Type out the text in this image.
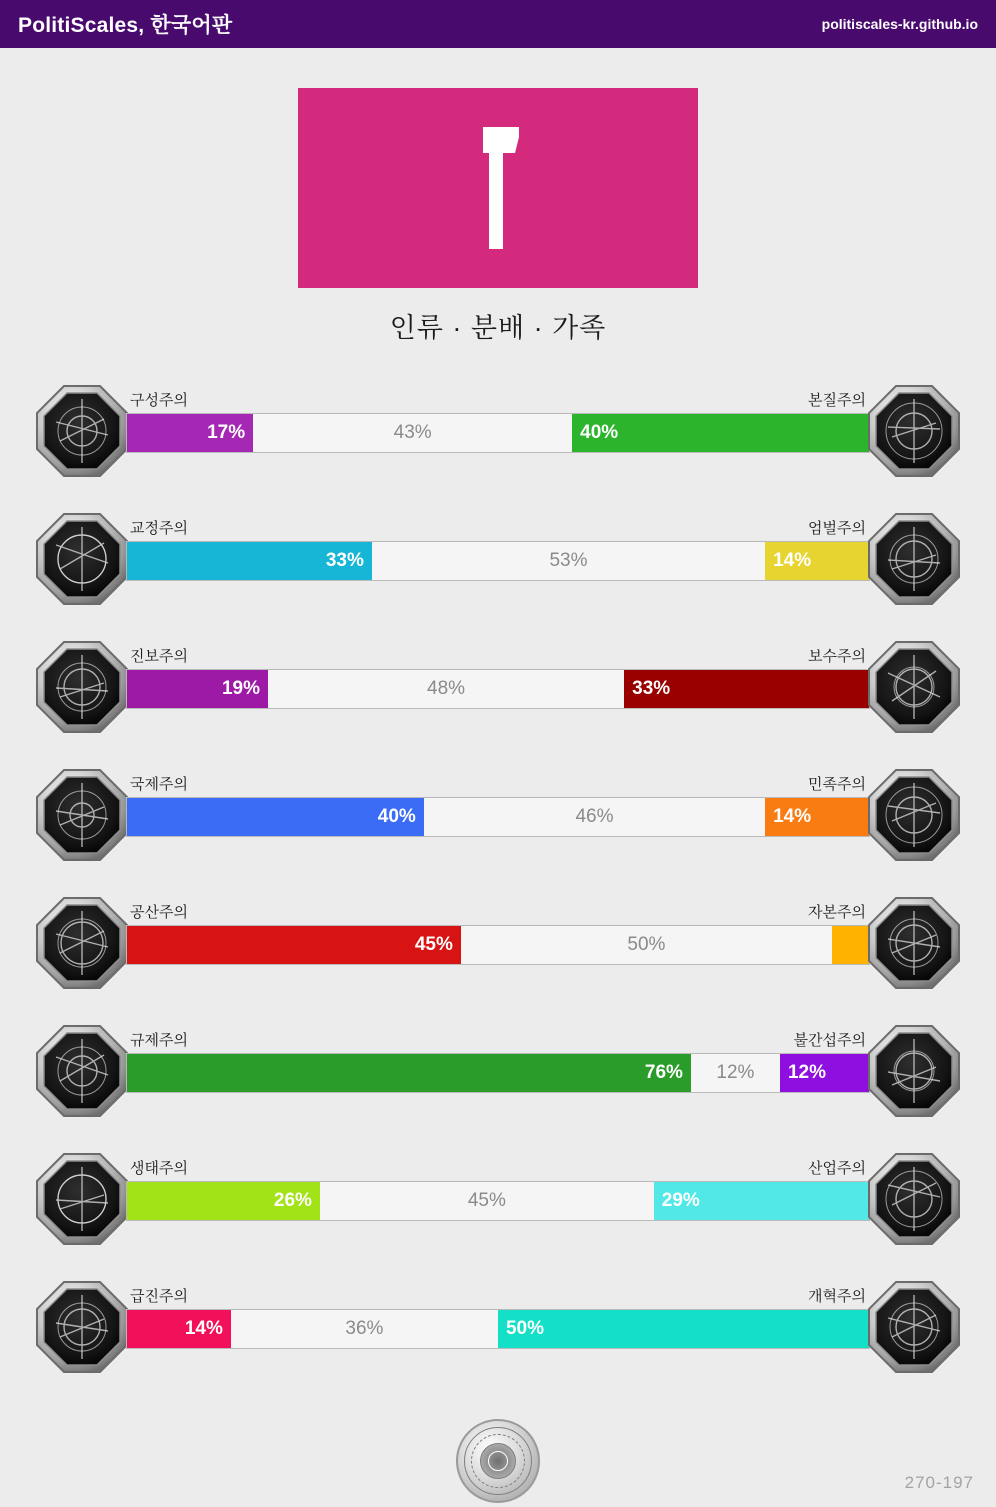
PolitiScales, 한국어판	politiscales-kr.github.io
인류 · 분배 · 가족
구성주의	본질주의
17%	43%	40%
교정주의	엄벌주의
33%	53%	14%
진보주의	보수주의
19%	48%	33%
국제주의	민족주의
40%	46%	14%
공산주의	자본주의
45%	50%
규제주의	불간섭주의
76%	12%	12%
생태주의	산업주의
26%	45%	29%
급진주의	개혁주의
14%	36%	50%
270-197
